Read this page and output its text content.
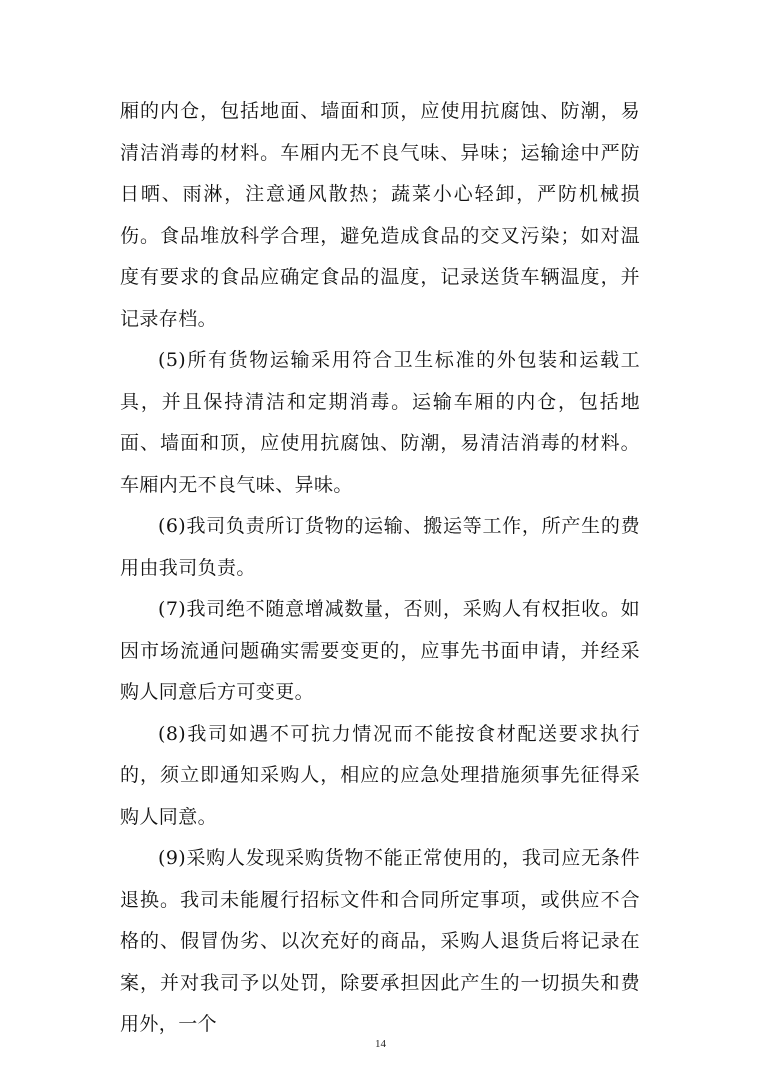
厢的内仓，包括地面、墙面和顶，应使用抗腐蚀、防潮，易清洁消毒的材料。车厢内无不良气味、异味；运输途中严防日晒、雨淋，注意通风散热；蔬菜小心轻卸，严防机械损伤。食品堆放科学合理，避免造成食品的交叉污染；如对温度有要求的食品应确定食品的温度，记录送货车辆温度，并记录存档。

(5)所有货物运输采用符合卫生标准的外包装和运载工具，并且保持清洁和定期消毒。运输车厢的内仓，包括地面、墙面和顶，应使用抗腐蚀、防潮，易清洁消毒的材料。车厢内无不良气味、异味。

(6)我司负责所订货物的运输、搬运等工作，所产生的费用由我司负责。

(7)我司绝不随意增减数量，否则，采购人有权拒收。如因市场流通问题确实需要变更的，应事先书面申请，并经采购人同意后方可变更。

(8)我司如遇不可抗力情况而不能按食材配送要求执行的，须立即通知采购人，相应的应急处理措施须事先征得采购人同意。

(9)采购人发现采购货物不能正常使用的，我司应无条件退换。我司未能履行招标文件和合同所定事项，或供应不合格的、假冒伪劣、以次充好的商品，采购人退货后将记录在案，并对我司予以处罚，除要承担因此产生的一切损失和费用外，一个

14
